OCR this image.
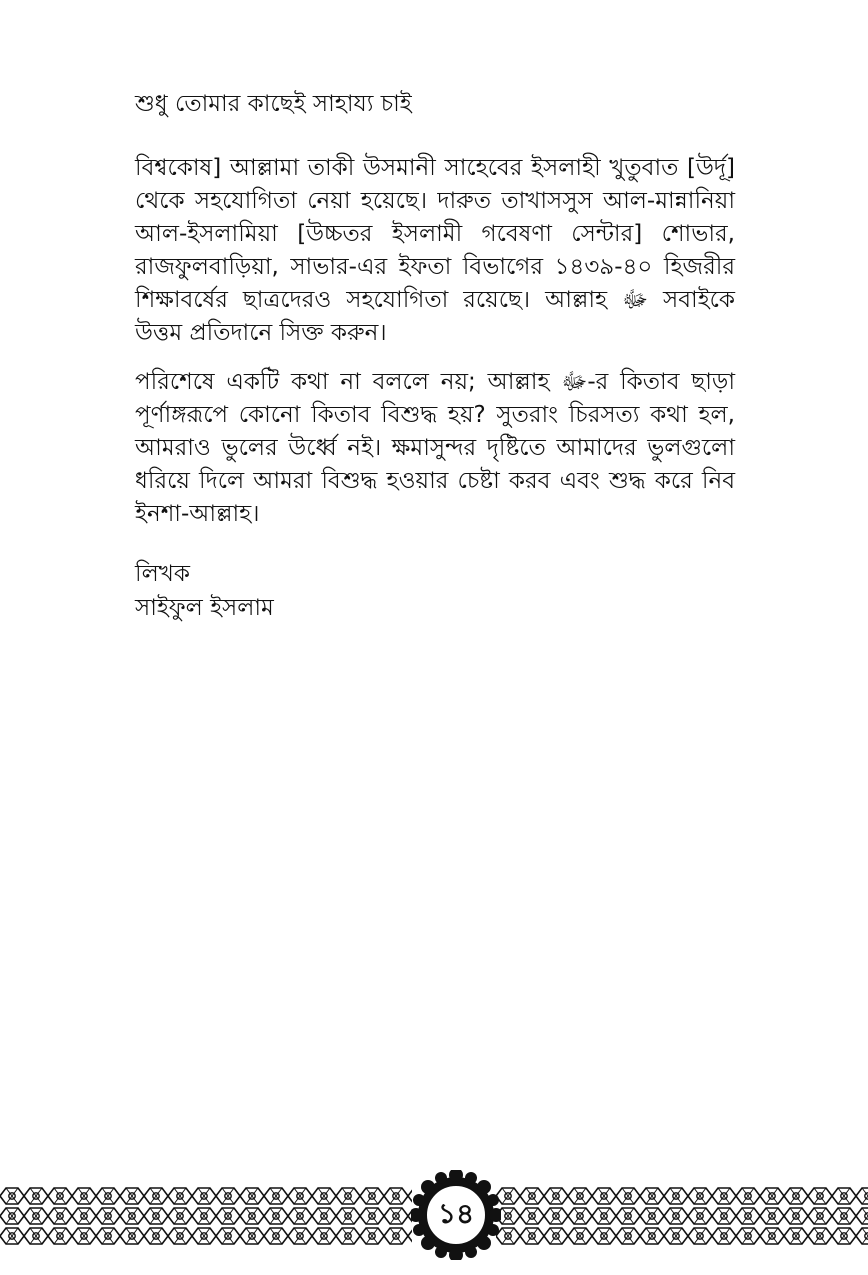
শুধু তোমার কাছেই সাহায্য চাই
বিশ্বকোষ] আল্লামা তাকী উসমানী সাহেবের ইসলাহী খুতুবাত [উর্দূ] থেকে সহযোগিতা নেয়া হয়েছে। দারুত তাখাসসুস আল-মান্নানিয়া আল-ইসলামিয়া [উচ্চতর ইসলামী গবেষণা সেন্টার] শোভার, রাজফুলবাড়িয়া, সাভার-এর ইফতা বিভাগের ১৪৩৯-৪০ হিজরীর শিক্ষাবর্ষের ছাত্রদেরও সহযোগিতা রয়েছে। আল্লাহ ﷻ সবাইকে উত্তম প্রতিদানে সিক্ত করুন।
পরিশেষে একটি কথা না বললে নয়; আল্লাহ ﷻ-র কিতাব ছাড়া পূর্ণাঙ্গরূপে কোনো কিতাব বিশুদ্ধ হয়? সুতরাং চিরসত্য কথা হল, আমরাও ভুলের উর্ধ্বে নই। ক্ষমাসুন্দর দৃষ্টিতে আমাদের ভুলগুলো ধরিয়ে দিলে আমরা বিশুদ্ধ হওয়ার চেষ্টা করব এবং শুদ্ধ করে নিব ইনশা-আল্লাহ।
লিখক
সাইফুল ইসলাম
১৪
